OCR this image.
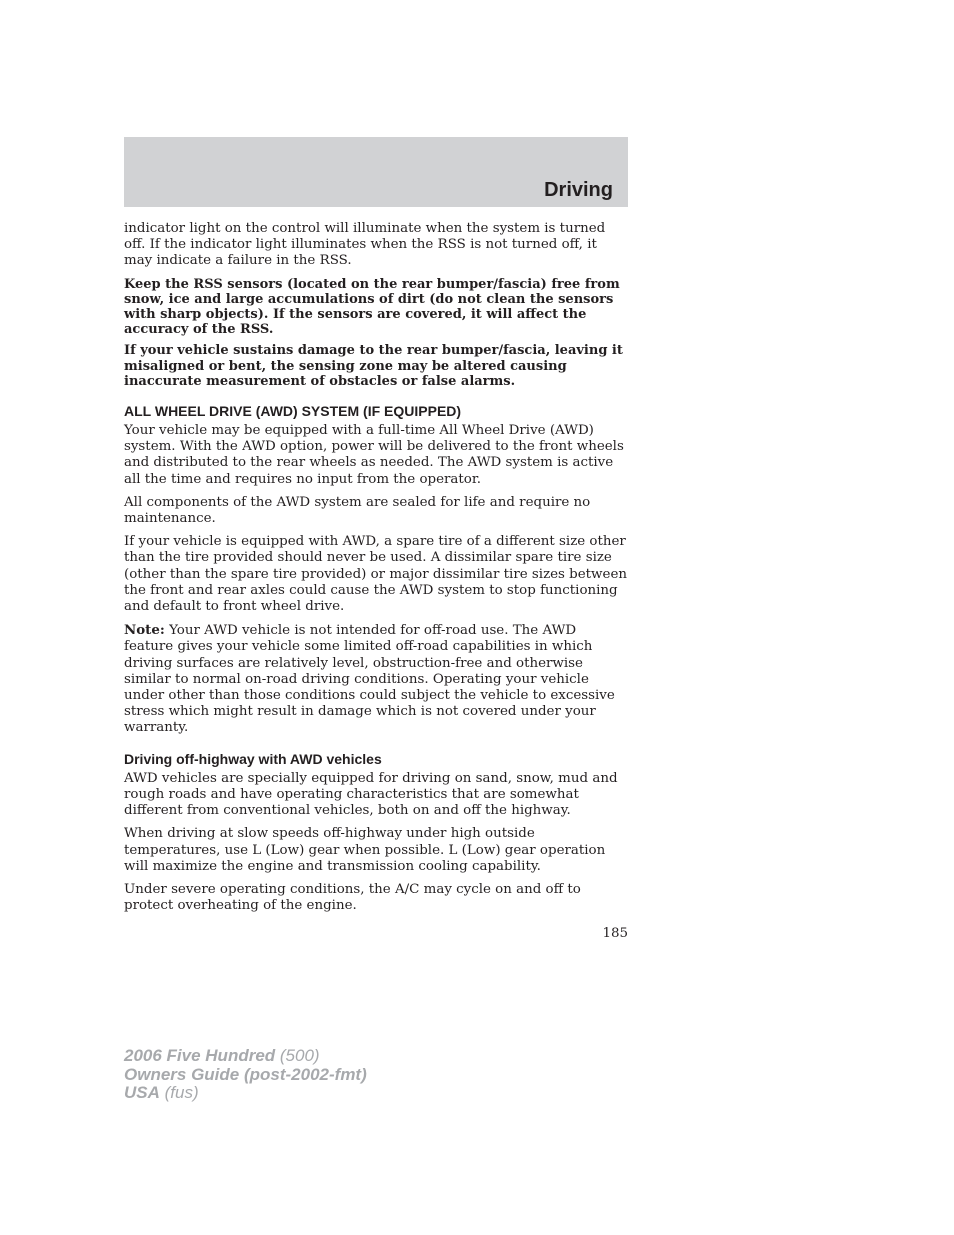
Driving

indicator light on the control will illuminate when the system is turned off. If the indicator light illuminates when the RSS is not turned off, it may indicate a failure in the RSS.

Keep the RSS sensors (located on the rear bumper/fascia) free from snow, ice and large accumulations of dirt (do not clean the sensors with sharp objects). If the sensors are covered, it will affect the accuracy of the RSS.

If your vehicle sustains damage to the rear bumper/fascia, leaving it misaligned or bent, the sensing zone may be altered causing inaccurate measurement of obstacles or false alarms.

ALL WHEEL DRIVE (AWD) SYSTEM (IF EQUIPPED)

Your vehicle may be equipped with a full-time All Wheel Drive (AWD) system. With the AWD option, power will be delivered to the front wheels and distributed to the rear wheels as needed. The AWD system is active all the time and requires no input from the operator.

All components of the AWD system are sealed for life and require no maintenance.

If your vehicle is equipped with AWD, a spare tire of a different size other than the tire provided should never be used. A dissimilar spare tire size (other than the spare tire provided) or major dissimilar tire sizes between the front and rear axles could cause the AWD system to stop functioning and default to front wheel drive.

Note: Your AWD vehicle is not intended for off-road use. The AWD feature gives your vehicle some limited off-road capabilities in which driving surfaces are relatively level, obstruction-free and otherwise similar to normal on-road driving conditions. Operating your vehicle under other than those conditions could subject the vehicle to excessive stress which might result in damage which is not covered under your warranty.

Driving off-highway with AWD vehicles

AWD vehicles are specially equipped for driving on sand, snow, mud and rough roads and have operating characteristics that are somewhat different from conventional vehicles, both on and off the highway.

When driving at slow speeds off-highway under high outside temperatures, use L (Low) gear when possible. L (Low) gear operation will maximize the engine and transmission cooling capability.

Under severe operating conditions, the A/C may cycle on and off to protect overheating of the engine.

185
2006 Five Hundred (500)
Owners Guide (post-2002-fmt)
USA (fus)
